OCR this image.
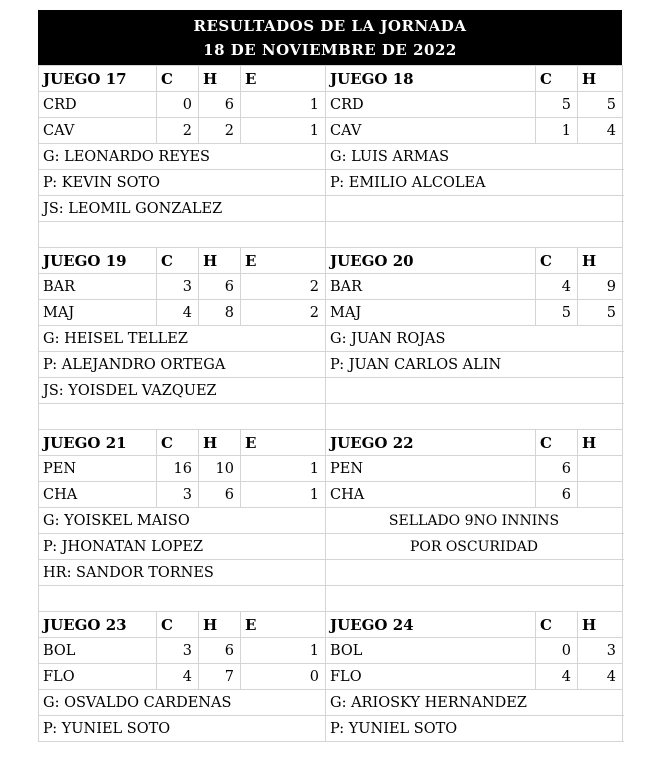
RESULTADOS DE LA JORNADA
18 DE NOVIEMBRE DE 2022
JUEGO 17	C	H	E	JUEGO 18	C	H	
CRD	0	6	1	CRD	5	5	
CAV	2	2	1	CAV	1	4	
G: LEONARDO REYES				G: LUIS ARMAS			
P: KEVIN SOTO				P: EMILIO ALCOLEA			
JS: LEOMIL GONZALEZ							

JUEGO 19	C	H	E	JUEGO 20	C	H	
BAR	3	6	2	BAR	4	9	
MAJ	4	8	2	MAJ	5	5	
G: HEISEL TELLEZ				G: JUAN ROJAS			
P: ALEJANDRO ORTEGA				P: JUAN CARLOS ALIN			
JS: YOISDEL VAZQUEZ							

JUEGO 21	C	H	E	JUEGO 22	C	H	
PEN	16	10	1	PEN	6		
CHA	3	6	1	CHA	6		
G: YOISKEL MAISO				SELLADO 9NO INNINS			
P: JHONATAN LOPEZ				POR OSCURIDAD			
HR: SANDOR TORNES							

JUEGO 23	C	H	E	JUEGO 24	C	H	
BOL	3	6	1	BOL	0	3	
FLO	4	7	0	FLO	4	4	
G: OSVALDO CARDENAS				G: ARIOSKY HERNANDEZ			
P: YUNIEL SOTO				P: YUNIEL SOTO			
